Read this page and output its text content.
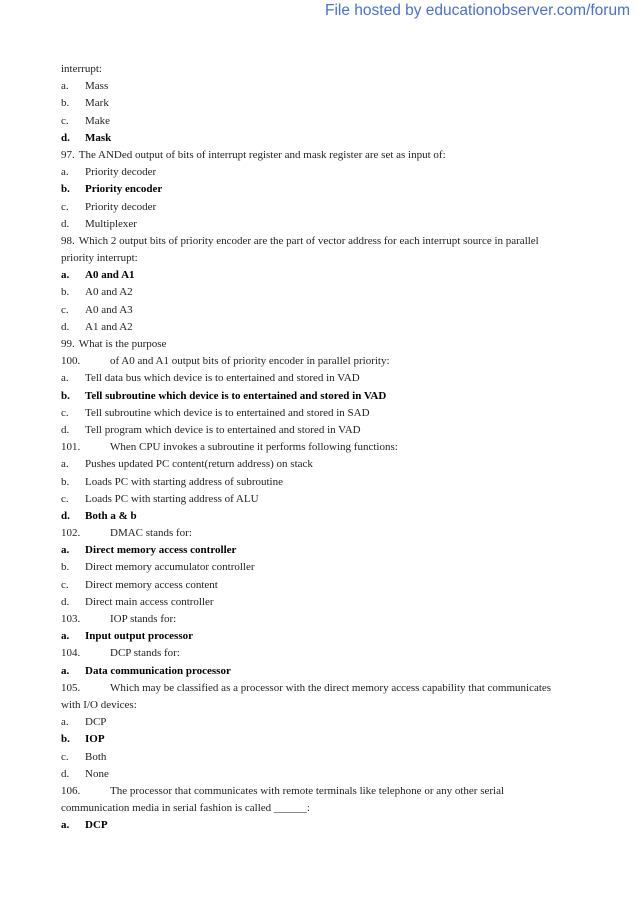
File hosted by educationobserver.com/forum
interrupt:
a. Mass
b. Mark
c. Make
d. Mask
97. The ANDed output of bits of interrupt register and mask register are set as input of:
a. Priority decoder
b. Priority encoder
c. Priority decoder
d. Multiplexer
98. Which 2 output bits of priority encoder are the part of vector address for each interrupt source in parallel
priority interrupt:
a. A0 and A1
b. A0 and A2
c. A0 and A3
d. A1 and A2
99. What is the purpose
100.	of A0 and A1 output bits of priority encoder in parallel priority:
a. Tell data bus which device is to entertained and stored in VAD
b. Tell subroutine which device is to entertained and stored in VAD
c. Tell subroutine which device is to entertained and stored in SAD
d. Tell program which device is to entertained and stored in VAD
101.	When CPU invokes a subroutine it performs following functions:
a. Pushes updated PC content(return address) on stack
b. Loads PC with starting address of subroutine
c. Loads PC with starting address of ALU
d. Both a & b
102.	DMAC stands for:
a. Direct memory access controller
b. Direct memory accumulator controller
c. Direct memory access content
d. Direct main access controller
103.	IOP stands for:
a. Input output processor
104.	DCP stands for:
a. Data communication processor
105.	Which may be classified as a processor with the direct memory access capability that communicates
with I/O devices:
a. DCP
b. IOP
c. Both
d. None
106.	The processor that communicates with remote terminals like telephone or any other serial
communication media in serial fashion is called ______:
a. DCP
